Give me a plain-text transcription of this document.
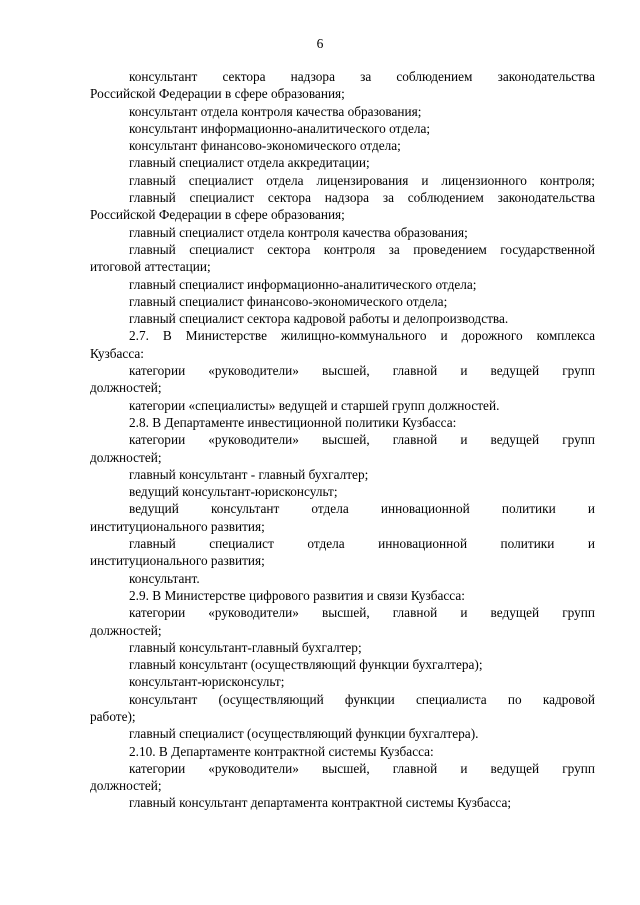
6
консультант сектора надзора за соблюдением законодательства
Российской Федерации в сфере образования;
консультант отдела контроля качества образования;
консультант информационно-аналитического отдела;
консультант финансово-экономического отдела;
главный специалист отдела аккредитации;
главный специалист отдела лицензирования и лицензионного контроля;
главный специалист сектора надзора за соблюдением законодательства
Российской Федерации в сфере образования;
главный специалист отдела контроля качества образования;
главный специалист сектора контроля за проведением государственной
итоговой аттестации;
главный специалист информационно-аналитического отдела;
главный специалист финансово-экономического отдела;
главный специалист сектора кадровой работы и делопроизводства.
2.7. В Министерстве жилищно-коммунального и дорожного комплекса
Кузбасса:
категории «руководители» высшей, главной и ведущей групп
должностей;
категории «специалисты» ведущей и старшей групп должностей.
2.8. В Департаменте инвестиционной политики Кузбасса:
категории «руководители» высшей, главной и ведущей групп
должностей;
главный консультант - главный бухгалтер;
ведущий консультант-юрисконсульт;
ведущий консультант отдела инновационной политики и
институционального развития;
главный специалист отдела инновационной политики и
институционального развития;
консультант.
2.9. В Министерстве цифрового развития и связи Кузбасса:
категории «руководители» высшей, главной и ведущей групп
должностей;
главный консультант-главный бухгалтер;
главный консультант (осуществляющий функции бухгалтера);
консультант-юрисконсульт;
консультант (осуществляющий функции специалиста по кадровой
работе);
главный специалист (осуществляющий функции бухгалтера).
2.10. В Департаменте контрактной системы Кузбасса:
категории «руководители» высшей, главной и ведущей групп
должностей;
главный консультант департамента контрактной системы Кузбасса;
